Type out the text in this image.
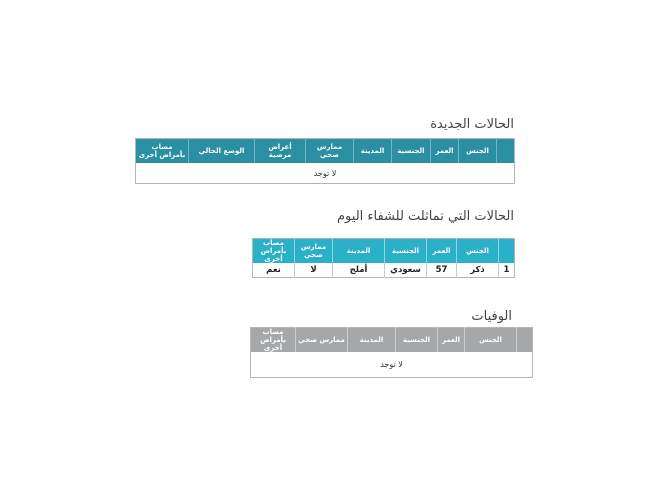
الحالات الجديدة
	الجنس	العمر	الجنسية	المدينة	ممارس صحي	أعراض مرضية	الوضع الحالي	مصاب بأمراض أخرى
لا توجد
الحالات التي تماثلت للشفاء اليوم
	الجنس	العمر	الجنسية	المدينة	ممارس صحي	مصاب بأمراض أخرى
1	ذكر	57	سعودي	أملج	لا	نعم
الوفيات
	الجنس	العمر	الجنسية	المدينة	ممارس صحي	مصاب بأمراض أخرى
لا توجد
